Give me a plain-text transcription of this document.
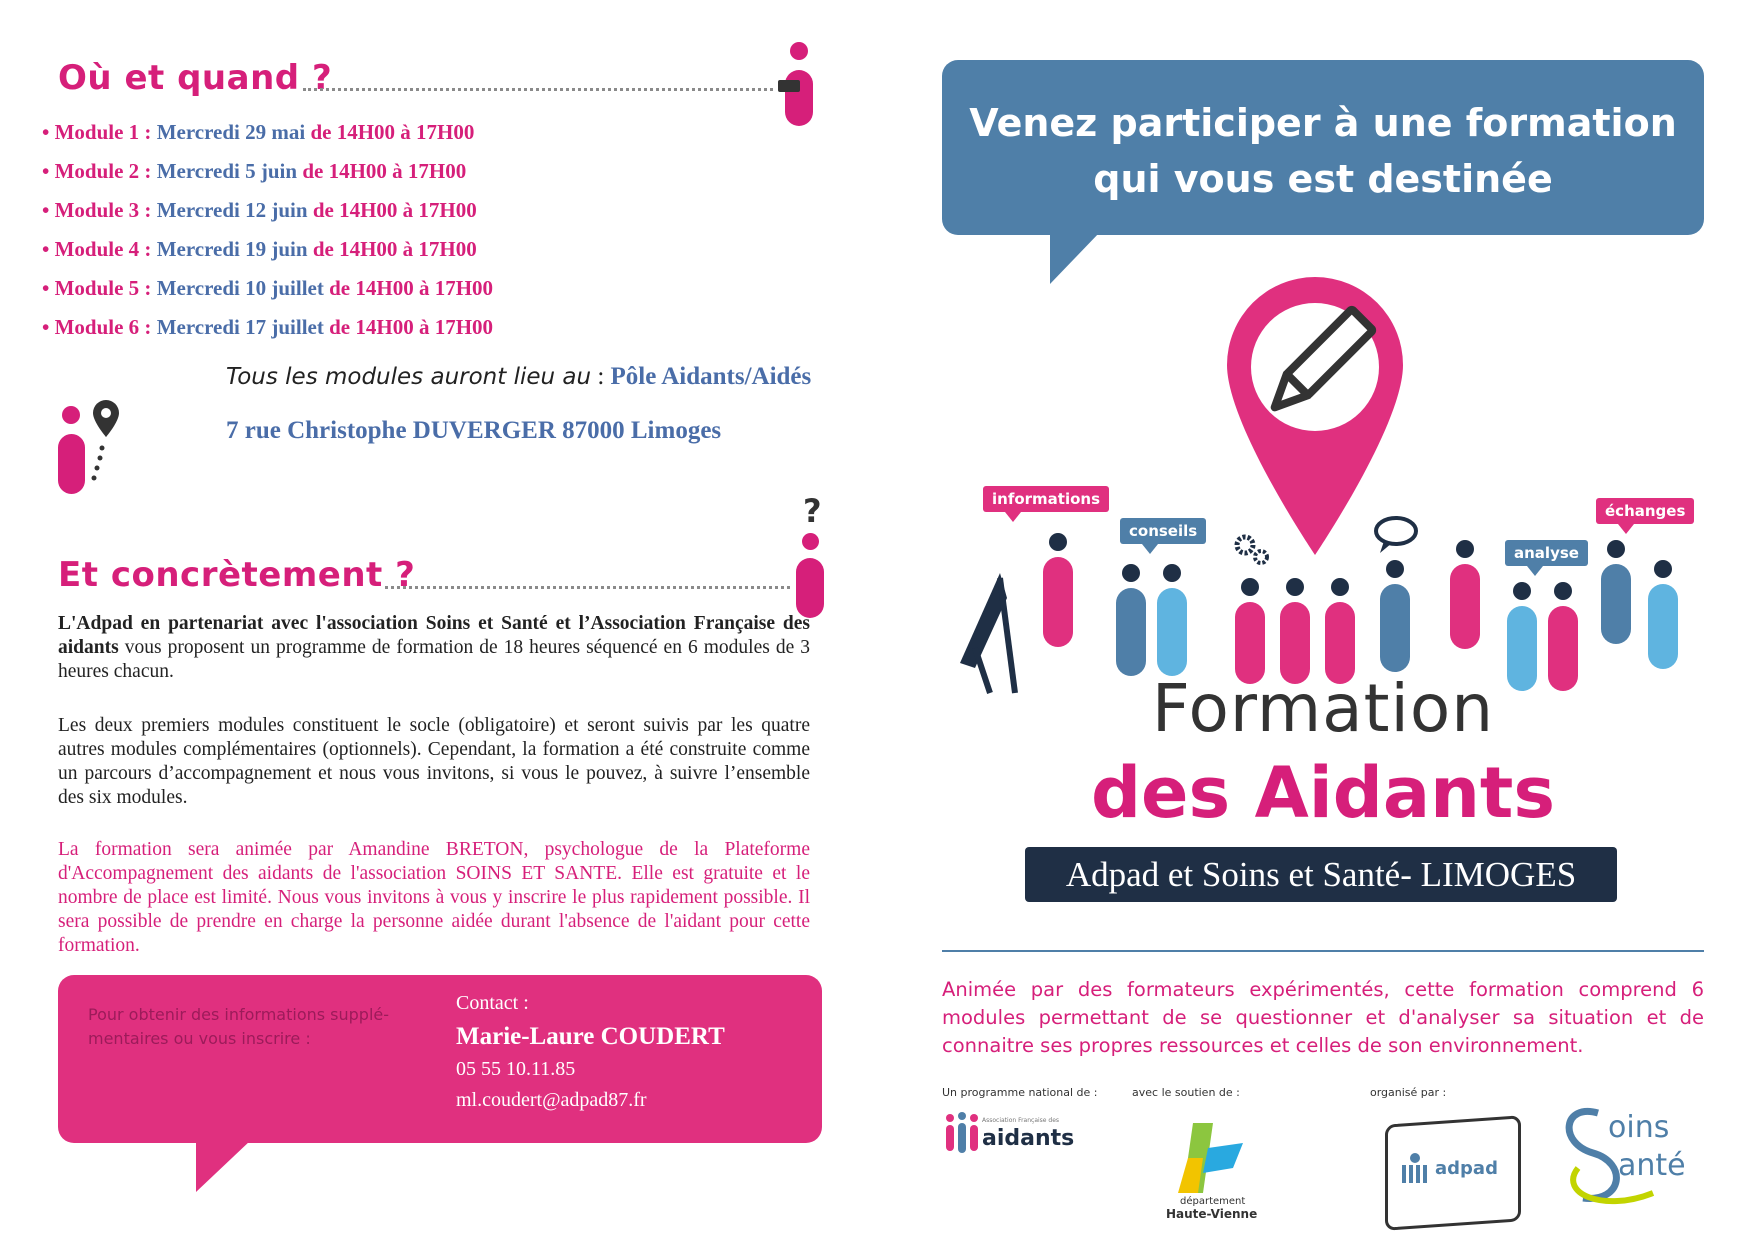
Où et quand ?
• Module 1 : Mercredi 29 mai de 14H00 à 17H00
• Module 2 : Mercredi 5 juin de 14H00 à 17H00
• Module 3 : Mercredi 12 juin de 14H00 à 17H00
• Module 4 : Mercredi 19 juin de 14H00 à 17H00
• Module 5 : Mercredi 10 juillet de 14H00 à 17H00
• Module 6 : Mercredi 17 juillet de 14H00 à 17H00
Tous les modules auront lieu au : Pôle Aidants/Aidés
7 rue Christophe DUVERGER 87000 Limoges
?
Et concrètement ?
L'Adpad en partenariat avec l'association Soins et Santé et l’Association Française des aidants vous proposent un programme de formation de 18 heures séquencé en 6 modules de 3 heures chacun.
Les deux premiers modules constituent le socle (obligatoire) et seront suivis par les quatre autres modules complémentaires (optionnels). Cependant, la formation a été construite comme un parcours d’accompagnement et nous vous invitons, si vous le pouvez, à suivre l’ensemble des six modules.
La formation sera animée par Amandine BRETON, psychologue de la Plateforme d'Accompagnement des aidants de l'association SOINS ET SANTE. Elle est gratuite et le nombre de place est limité. Nous vous invitons à vous y inscrire le plus rapidement possible. Il sera possible de prendre en charge la personne aidée durant l'absence de l'aidant pour cette formation.
Pour obtenir des informations supplé-mentaires ou vous inscrire :
Contact :
Marie-Laure COUDERT
05 55 10.11.85
ml.coudert@adpad87.fr
Venez participer à une formation
qui vous est destinée
informations
conseils
analyse
échanges
Formation
des Aidants
Adpad et Soins et Santé- LIMOGES
Animée par des formateurs expérimentés, cette formation comprend 6 modules permettant de se questionner et d'analyser sa situation et de connaitre ses propres ressources et celles de son environnement.
Un programme national de :	avec le soutien de :	organisé par :
Association Française des
aidants
département
Haute-Vienne
adpad
oins
anté
